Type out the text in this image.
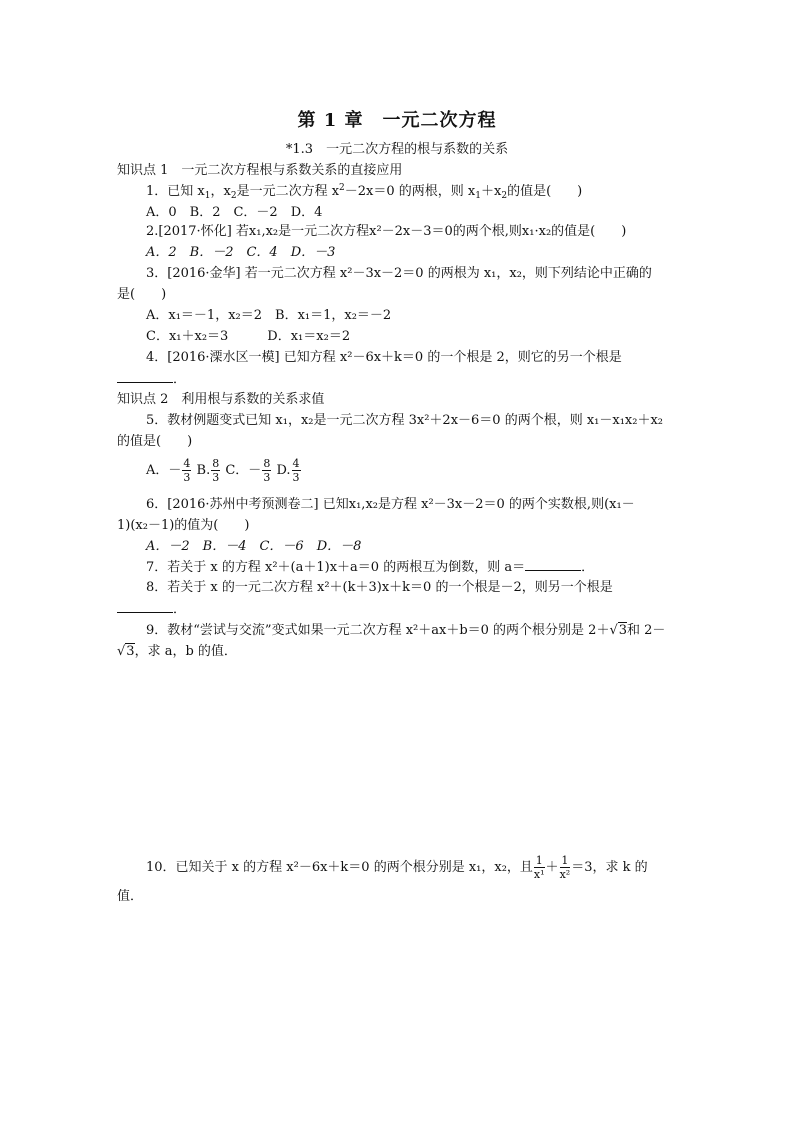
第 1 章　一元二次方程
*1.3　一元二次方程的根与系数的关系
知识点 1　一元二次方程根与系数关系的直接应用
1．已知 $x_1$，$x_2$是一元二次方程 $x^2-2x=0$ 的两根，则 $x_1+x_2$的值是(　　)
A．0　B．2　C．－2　D．4
2.[2017·怀化] 若x₁,x₂是一元二次方程x²－2x－3＝0的两个根,则x₁·x₂的值是(　　)
A．2　B．－2　C．4　D．－3
3．[2016·金华] 若一元二次方程 x²－3x－2＝0 的两根为 x₁，x₂，则下列结论中正确的
是(　　)
A．x₁＝－1，x₂＝2　B．x₁＝1，x₂＝－2
C．x₁＋x₂＝3　　　D．x₁＝x₂＝2
4．[2016·溧水区一模] 已知方程 x²－6x＋k＝0 的一个根是 2，则它的另一个根是
．
知识点 2　利用根与系数的关系求值
5．教材例题变式已知 x₁，x₂是一元二次方程 3x²＋2x－6＝0 的两个根，则 x₁－x₁x₂＋x₂
的值是(　　)
A．－ $\frac{4}{3} B$. $\frac{8}{3}$ C．－ $\frac{8}{3} D$. $\frac{4}{3}$
6．[2016·苏州中考预测卷二] 已知x₁,x₂是方程 x²－3x－2＝0 的两个实数根,则(x₁－
1)(x₂－1)的值为(　　)
A．－2　B．－4　C．－6　D．－8
7．若关于 x 的方程 x²＋(a＋1)x＋a＝0 的两根互为倒数，则 a＝	．
8．若关于 x 的一元二次方程 x²＋(k＋3)x＋k＝0 的一个根是－2，则另一个根是
．
9．教材“尝试与交流”变式如果一元二次方程 x²＋ax＋b＝0 的两个根分别是 2＋√3和 2－
√3，求 a，b 的值．
10．已知关于 x 的方程 x²－6x＋k＝0 的两个根分别是 x₁，x₂，且 $\frac{1}{\text{x¹}} + \frac{1}{\text{x²}} =3$，求 k 的
值．
